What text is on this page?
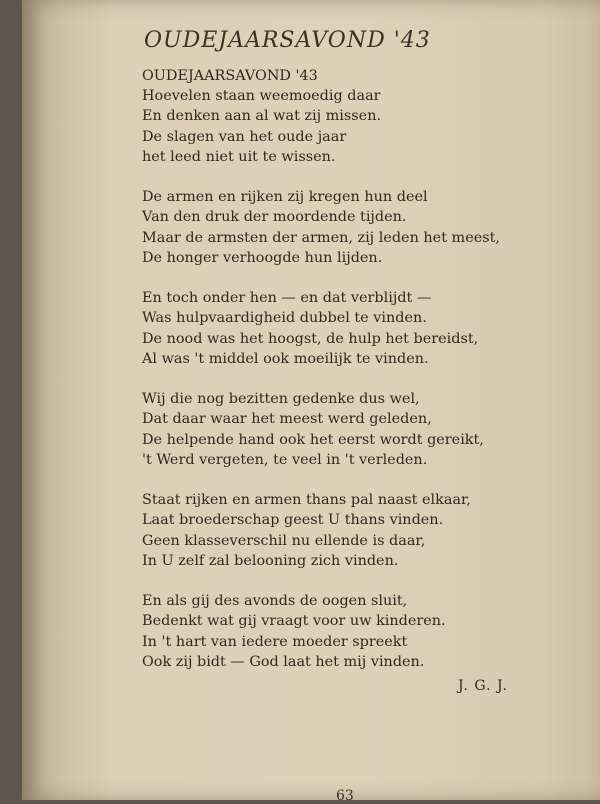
OUDEJAARSAVOND '43
OUDEJAARSAVOND '43
Hoevelen staan weemoedig daar
En denken aan al wat zij missen.
De slagen van het oude jaar
het leed niet uit te wissen.
De armen en rijken zij kregen hun deel
Van den druk der moordende tijden.
Maar de armsten der armen, zij leden het meest,
De honger verhoogde hun lijden.
En toch onder hen — en dat verblijdt —
Was hulpvaardigheid dubbel te vinden.
De nood was het hoogst, de hulp het bereidst,
Al was 't middel ook moeilijk te vinden.
Wij die nog bezitten gedenke dus wel,
Dat daar waar het meest werd geleden,
De helpende hand ook het eerst wordt gereikt,
't Werd vergeten, te veel in 't verleden.
Staat rijken en armen thans pal naast elkaar,
Laat broederschap geest U thans vinden.
Geen klasseverschil nu ellende is daar,
In U zelf zal belooning zich vinden.
En als gij des avonds de oogen sluit,
Bedenkt wat gij vraagt voor uw kinderen.
In 't hart van iedere moeder spreekt
Ook zij bidt — God laat het mij vinden.
J. G. J.
63
